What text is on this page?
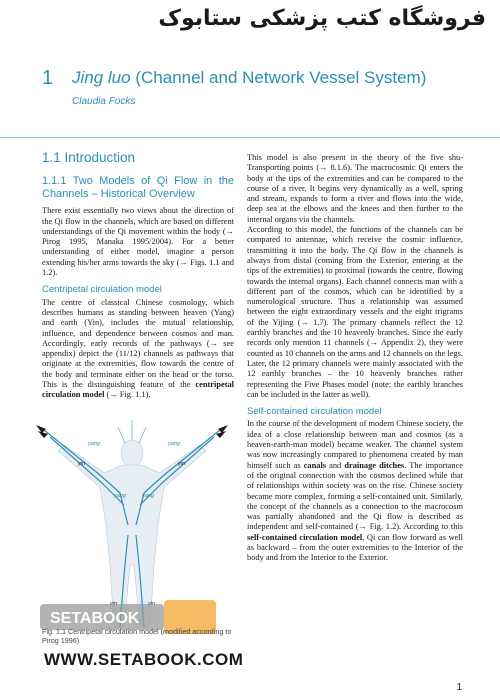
فروشگاه کتب پزشکی ستابوک
1 Jing luo (Channel and Network Vessel System)
Claudia Focks
1.1 Introduction
1.1.1 Two Models of Qi Flow in the Channels – Historical Overview

There exist essentially two views about the direction of the Qi flow in the channels, which are based on different understandings of the Qi movement within the body (→ Pirog 1995, Manaka 1995/2004). For a better understanding of either model, imagine a person extending his/her arms towards the sky (→ Figs. 1.1 and 1.2).

Centripetal circulation model

The centre of classical Chinese cosmology, which describes humans as standing between heaven (Yang) and earth (Yin), includes the mutual relationship, influence, and dependence between cosmos and man. Accordingly, early records of the pathways (→ see appendix) depict the (11/12) channels as pathways that originate at the extremities, flow towards the centre of the body and terminate either on the head or the torso. This is the distinguishing feature of the centripetal circulation model (→ Fig. 1.1).

yang
yin
yang
yin
yang	yang
SETABOOK
Fig. 1.1 Centripetal circulation model (modified according to Pirog 1996)

This model is also present in the theory of the five shu-Transporting points (→ 8.1.6). The macrocosmic Qi enters the body at the tips of the extremities and can be compared to the course of a river. It begins very dynamically as a well, spring and stream, expands to form a river and flows into the wide, deep sea at the elbows and the knees and then further to the internal organs via the channels.

According to this model, the functions of the channels can be compared to antennae, which receive the cosmic influence, transmitting it into the body. The Qi flow in the channels is always from distal (coming from the Exterior, entering at the tips of the extremities) to proximal (towards the centre, flowing towards the internal organs). Each channel connects man with a different part of the cosmos, which can be identified by a numerological structure. Thus a relationship was assumed between the eight extraordinary vessels and the eight trigrams of the Yijing (→ 1.7). The primary channels reflect the 12 earthly branches and the 10 heavenly branches. Since the early records only mention 11 channels (→ Appendix 2), they were counted as 10 channels on the arms and 12 channels on the legs. Later, the 12 primary channels were mainly associated with the 12 earthly branches – the 10 heavenly branches rather representing the Five Phases model (note: the earthly branches can be included in the latter as well).

Self-contained circulation model

In the course of the development of modern Chinese society, the idea of a close relationship between man and cosmos (as a heaven-earth-man model) became weaker. The channel system was now increasingly compared to phenomena created by man himself such as canals and drainage ditches. The importance of the original connection with the cosmos declined while that of relationships within society was on the rise. Chinese society became more complex, forming a self-contained unit. Similarly, the concept of the channels as a connection to the macrocosm was partially abandoned and the Qi flow is described as independent and self-contained (→ Fig. 1.2). According to this self-contained circulation model, Qi can flow forward as well as backward – from the outer extremities to the Interior of the body and from the Interior to the Exterior.

WWW.SETABOOK.COM
1
